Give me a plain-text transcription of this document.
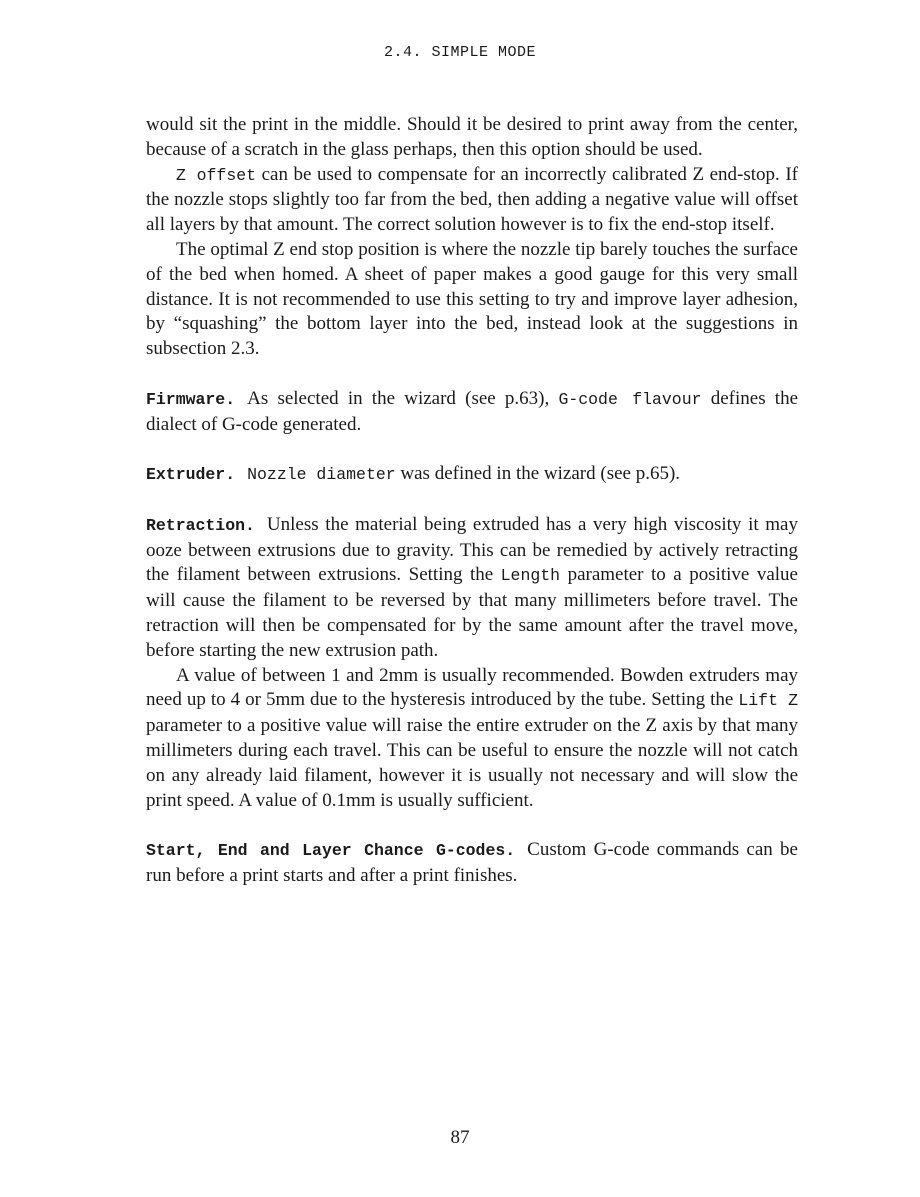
2.4. SIMPLE MODE

would sit the print in the middle. Should it be desired to print away from the center, because of a scratch in the glass perhaps, then this option should be used.

Z offset can be used to compensate for an incorrectly calibrated Z end-stop. If the nozzle stops slightly too far from the bed, then adding a negative value will offset all layers by that amount. The correct solution however is to fix the end-stop itself.

The optimal Z end stop position is where the nozzle tip barely touches the surface of the bed when homed. A sheet of paper makes a good gauge for this very small distance. It is not recommended to use this setting to try and improve layer adhesion, by “squashing” the bottom layer into the bed, instead look at the suggestions in subsection 2.3.

Firmware. As selected in the wizard (see p.63), G-code flavour defines the dialect of G-code generated.

Extruder. Nozzle diameter was defined in the wizard (see p.65).

Retraction. Unless the material being extruded has a very high viscosity it may ooze between extrusions due to gravity. This can be remedied by actively retracting the filament between extrusions. Setting the Length parameter to a positive value will cause the filament to be reversed by that many millimeters before travel. The retraction will then be compensated for by the same amount after the travel move, before starting the new extrusion path.

A value of between 1 and 2mm is usually recommended. Bowden extruders may need up to 4 or 5mm due to the hysteresis introduced by the tube. Setting the Lift Z parameter to a positive value will raise the entire extruder on the Z axis by that many millimeters during each travel. This can be useful to ensure the nozzle will not catch on any already laid filament, however it is usually not necessary and will slow the print speed. A value of 0.1mm is usually sufficient.

Start, End and Layer Chance G-codes. Custom G-code commands can be run before a print starts and after a print finishes.

87
